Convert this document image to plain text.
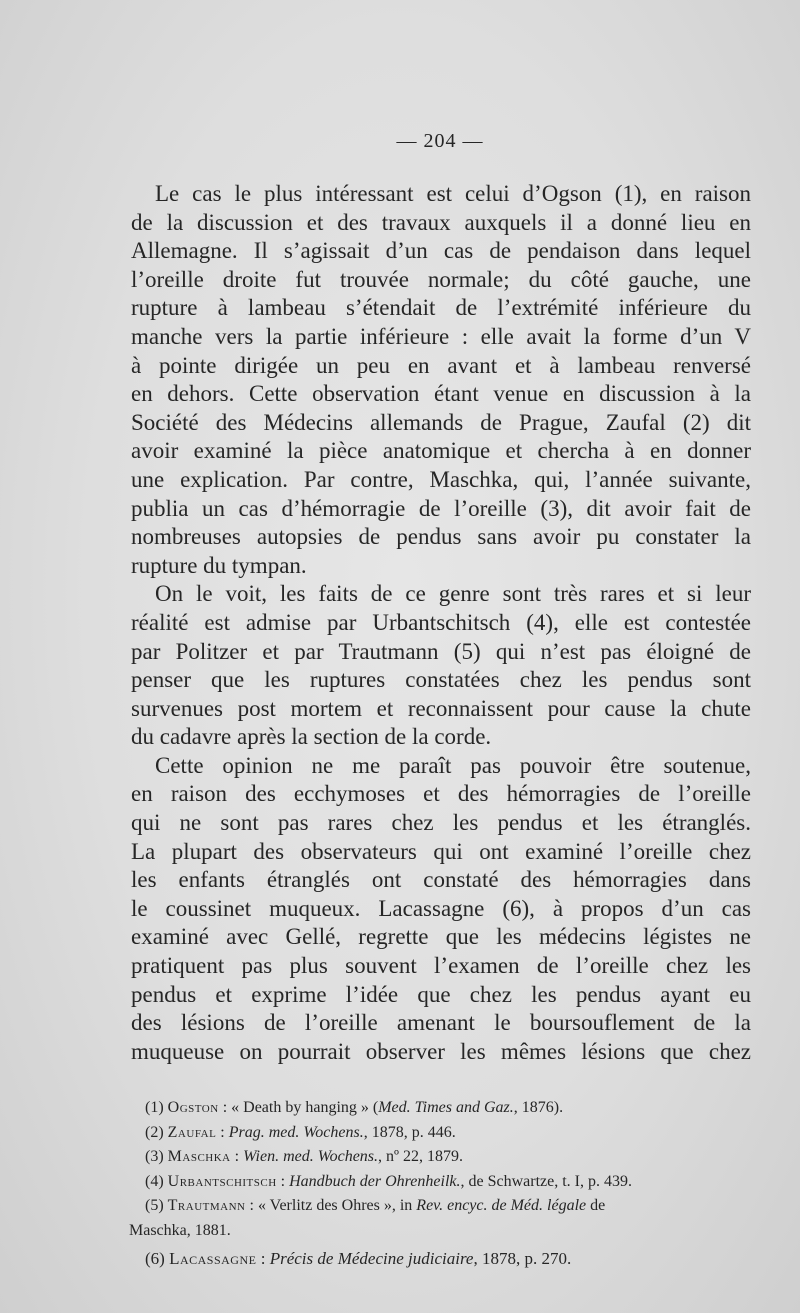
— 204 —
Le cas le plus intéressant est celui d’Ogson (1), en raison
de la discussion et des travaux auxquels il a donné lieu en
Allemagne. Il s’agissait d’un cas de pendaison dans lequel
l’oreille droite fut trouvée normale; du côté gauche, une
rupture à lambeau s’étendait de l’extrémité inférieure du
manche vers la partie inférieure : elle avait la forme d’un V
à pointe dirigée un peu en avant et à lambeau renversé
en dehors. Cette observation étant venue en discussion à la
Société des Médecins allemands de Prague, Zaufal (2) dit
avoir examiné la pièce anatomique et chercha à en donner
une explication. Par contre, Maschka, qui, l’année suivante,
publia un cas d’hémorragie de l’oreille (3), dit avoir fait de
nombreuses autopsies de pendus sans avoir pu constater la
rupture du tympan.
On le voit, les faits de ce genre sont très rares et si leur
réalité est admise par Urbantschitsch (4), elle est contestée
par Politzer et par Trautmann (5) qui n’est pas éloigné de
penser que les ruptures constatées chez les pendus sont
survenues post mortem et reconnaissent pour cause la chute
du cadavre après la section de la corde.
Cette opinion ne me paraît pas pouvoir être soutenue,
en raison des ecchymoses et des hémorragies de l’oreille
qui ne sont pas rares chez les pendus et les étranglés.
La plupart des observateurs qui ont examiné l’oreille chez
les enfants étranglés ont constaté des hémorragies dans
le coussinet muqueux. Lacassagne (6), à propos d’un cas
examiné avec Gellé, regrette que les médecins légistes ne
pratiquent pas plus souvent l’examen de l’oreille chez les
pendus et exprime l’idée que chez les pendus ayant eu
des lésions de l’oreille amenant le boursouflement de la
muqueuse on pourrait observer les mêmes lésions que chez
(1) Ogston : « Death by hanging » (Med. Times and Gaz., 1876).
(2) Zaufal : Prag. med. Wochens., 1878, p. 446.
(3) Maschka : Wien. med. Wochens., nº 22, 1879.
(4) Urbantschitsch : Handbuch der Ohrenheilk., de Schwartze, t. I, p. 439.
(5) Trautmann : « Verlitz des Ohres », in Rev. encyc. de Méd. légale de
Maschka, 1881.
(6) Lacassagne : Précis de Médecine judiciaire, 1878, p. 270.
